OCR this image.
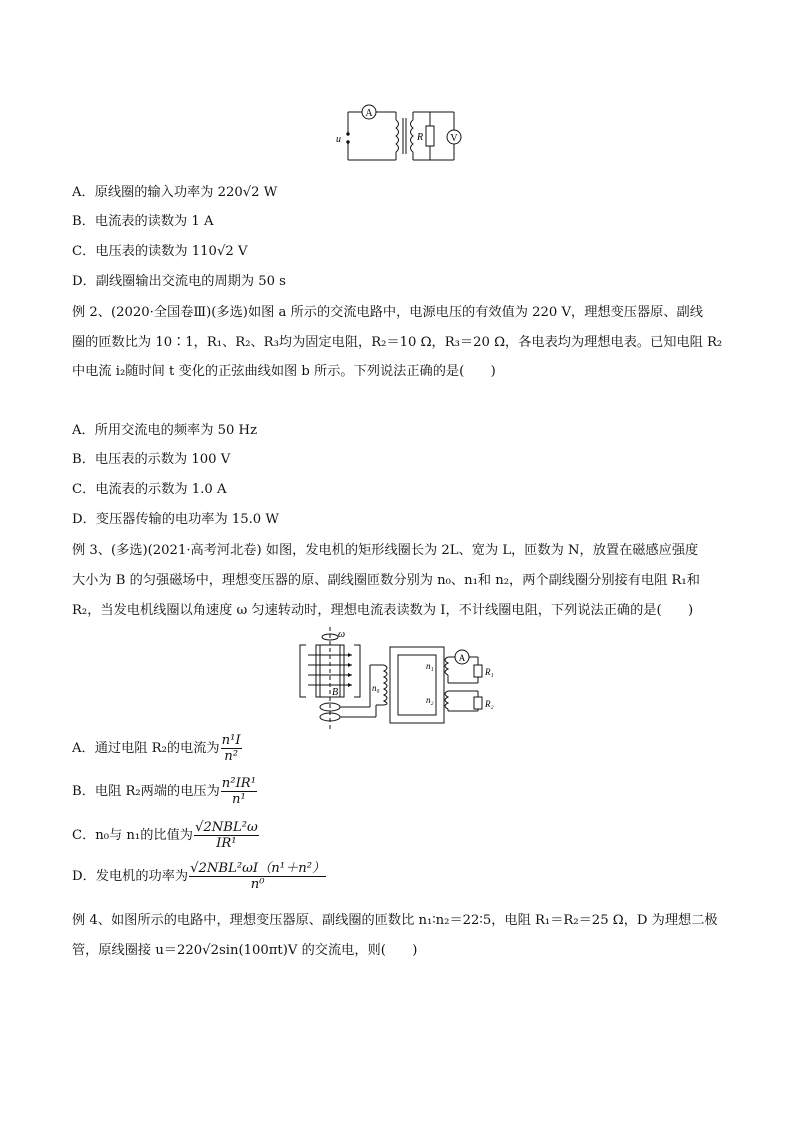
A
V
R
u
A．原线圈的输入功率为 220√2 W
B．电流表的读数为 1 A
C．电压表的读数为 110√2 V
D．副线圈输出交流电的周期为 50 s
例 2、(2020·全国卷Ⅲ)(多选)如图 a 所示的交流电路中，电源电压的有效值为 220 V，理想变压器原、副线
圈的匝数比为 10∶1，R₁、R₂、R₃均为固定电阻，R₂＝10 Ω，R₃＝20 Ω，各电表均为理想电表。已知电阻 R₂
中电流 i₂随时间 t 变化的正弦曲线如图 b 所示。下列说法正确的是(　　)
A．所用交流电的频率为 50 Hz
B．电压表的示数为 100 V
C．电流表的示数为 1.0 A
D．变压器传输的电功率为 15.0 W
例 3、(多选)(2021·高考河北卷) 如图，发电机的矩形线圈长为 2L、宽为 L，匝数为 N，放置在磁感应强度
大小为 B 的匀强磁场中，理想变压器的原、副线圈匝数分别为 n₀、n₁和 n₂，两个副线圈分别接有电阻 R₁和
R₂，当发电机线圈以角速度 ω 匀速转动时，理想电流表读数为 I，不计线圈电阻，下列说法正确的是(　　)
ω
B	n₀
n₁
n₂
A
R₁
R₂
A．通过电阻 R₂的电流为 $\frac{\text{n¹I}}{\text{n²}}$
B．电阻 R₂两端的电压为 $\frac{\text{n²IR¹}}{\text{n¹}}$
C．n₀与 n₁的比值为 $\frac{\text{√2NBL²ω}}{\text{IR¹}}$
D．发电机的功率为 $\frac{\text{√2NBL²ωI（n¹＋n²）}}{\text{n⁰}}$
例 4、如图所示的电路中，理想变压器原、副线圈的匝数比 n₁∶n₂＝22∶5，电阻 R₁＝R₂＝25 Ω，D 为理想二极
管，原线圈接 u＝220√2sin(100πt)V 的交流电，则(　　)
